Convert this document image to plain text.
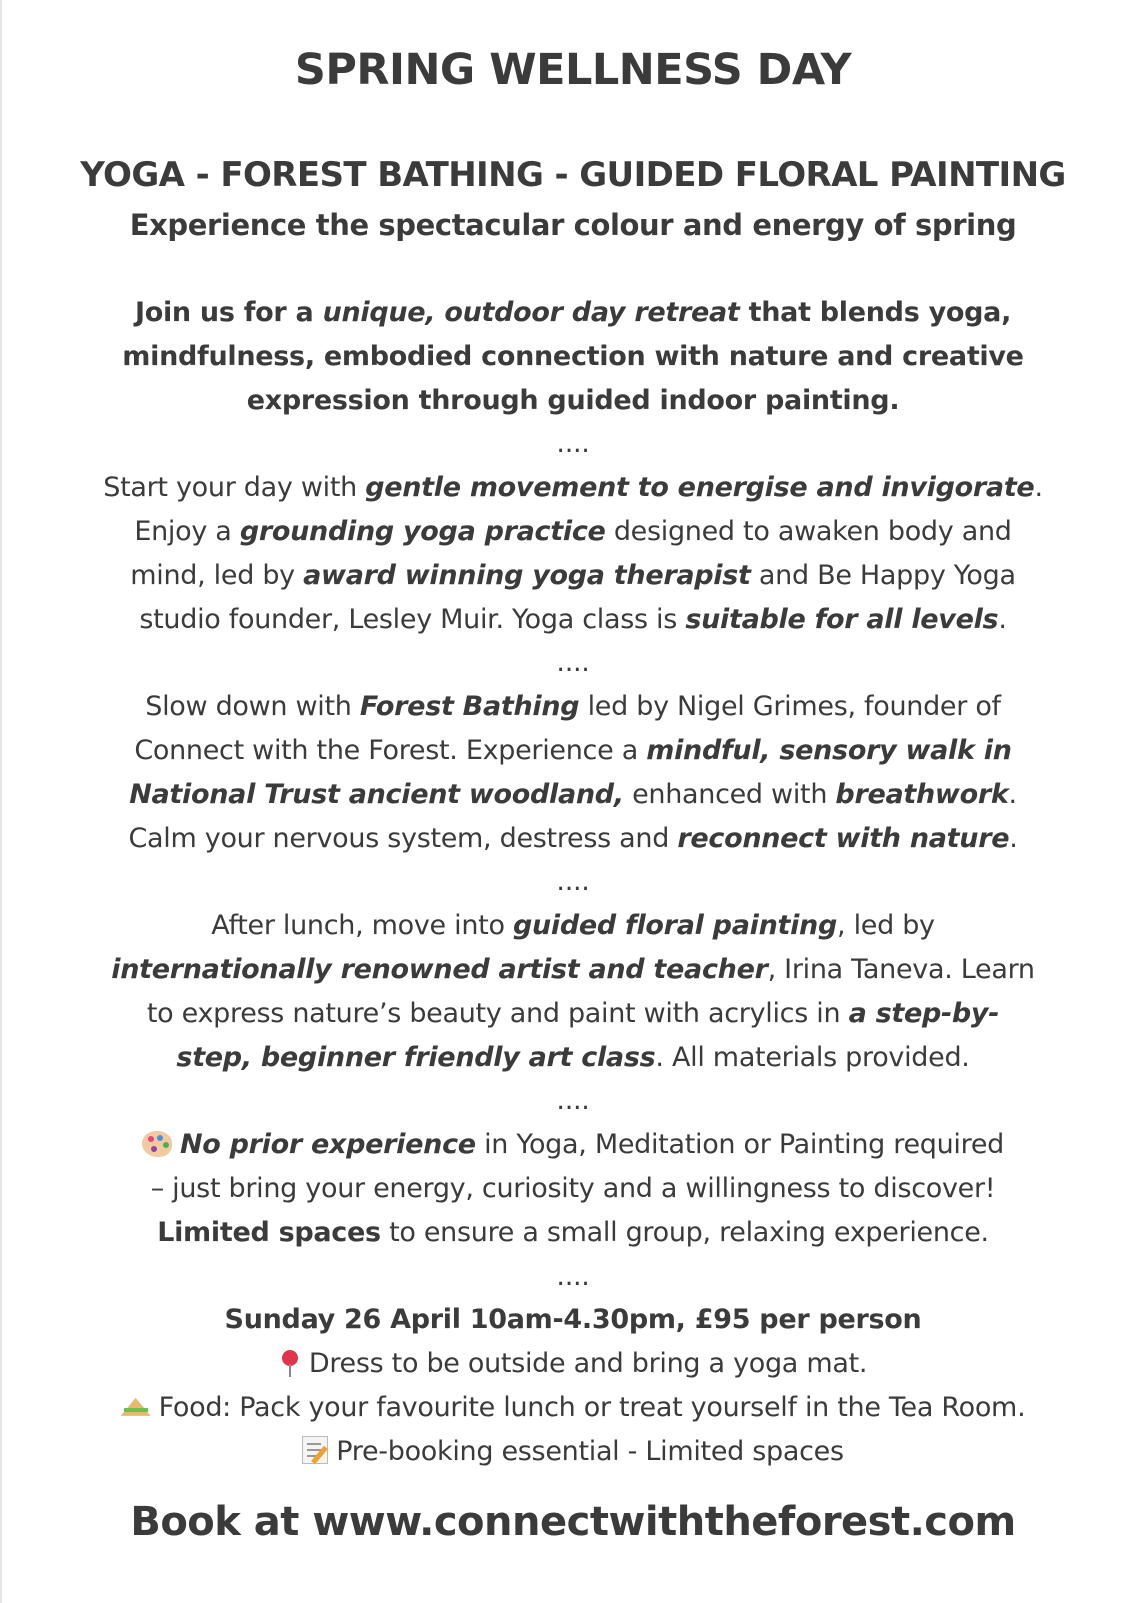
SPRING WELLNESS DAY
YOGA - FOREST BATHING - GUIDED FLORAL PAINTING
Experience the spectacular colour and energy of spring
Join us for a unique, outdoor day retreat that blends yoga,
mindfulness, embodied connection with nature and creative
expression through guided indoor painting.
....
Start your day with gentle movement to energise and invigorate.
Enjoy a grounding yoga practice designed to awaken body and
mind, led by award winning yoga therapist and Be Happy Yoga
studio founder, Lesley Muir. Yoga class is suitable for all levels.
....
Slow down with Forest Bathing led by Nigel Grimes, founder of
Connect with the Forest. Experience a mindful, sensory walk in
National Trust ancient woodland, enhanced with breathwork.
Calm your nervous system, destress and reconnect with nature.
....
After lunch, move into guided floral painting, led by
internationally renowned artist and teacher, Irina Taneva. Learn
to express nature’s beauty and paint with acrylics in a step-by-
step, beginner friendly art class. All materials provided.
....
No prior experience in Yoga, Meditation or Painting required
– just bring your energy, curiosity and a willingness to discover!
Limited spaces to ensure a small group, relaxing experience.
....
Sunday 26 April 10am-4.30pm, £95 per person
Dress to be outside and bring a yoga mat.
Food: Pack your favourite lunch or treat yourself in the Tea Room.
Pre-booking essential - Limited spaces
Book at www.connectwiththeforest.com
